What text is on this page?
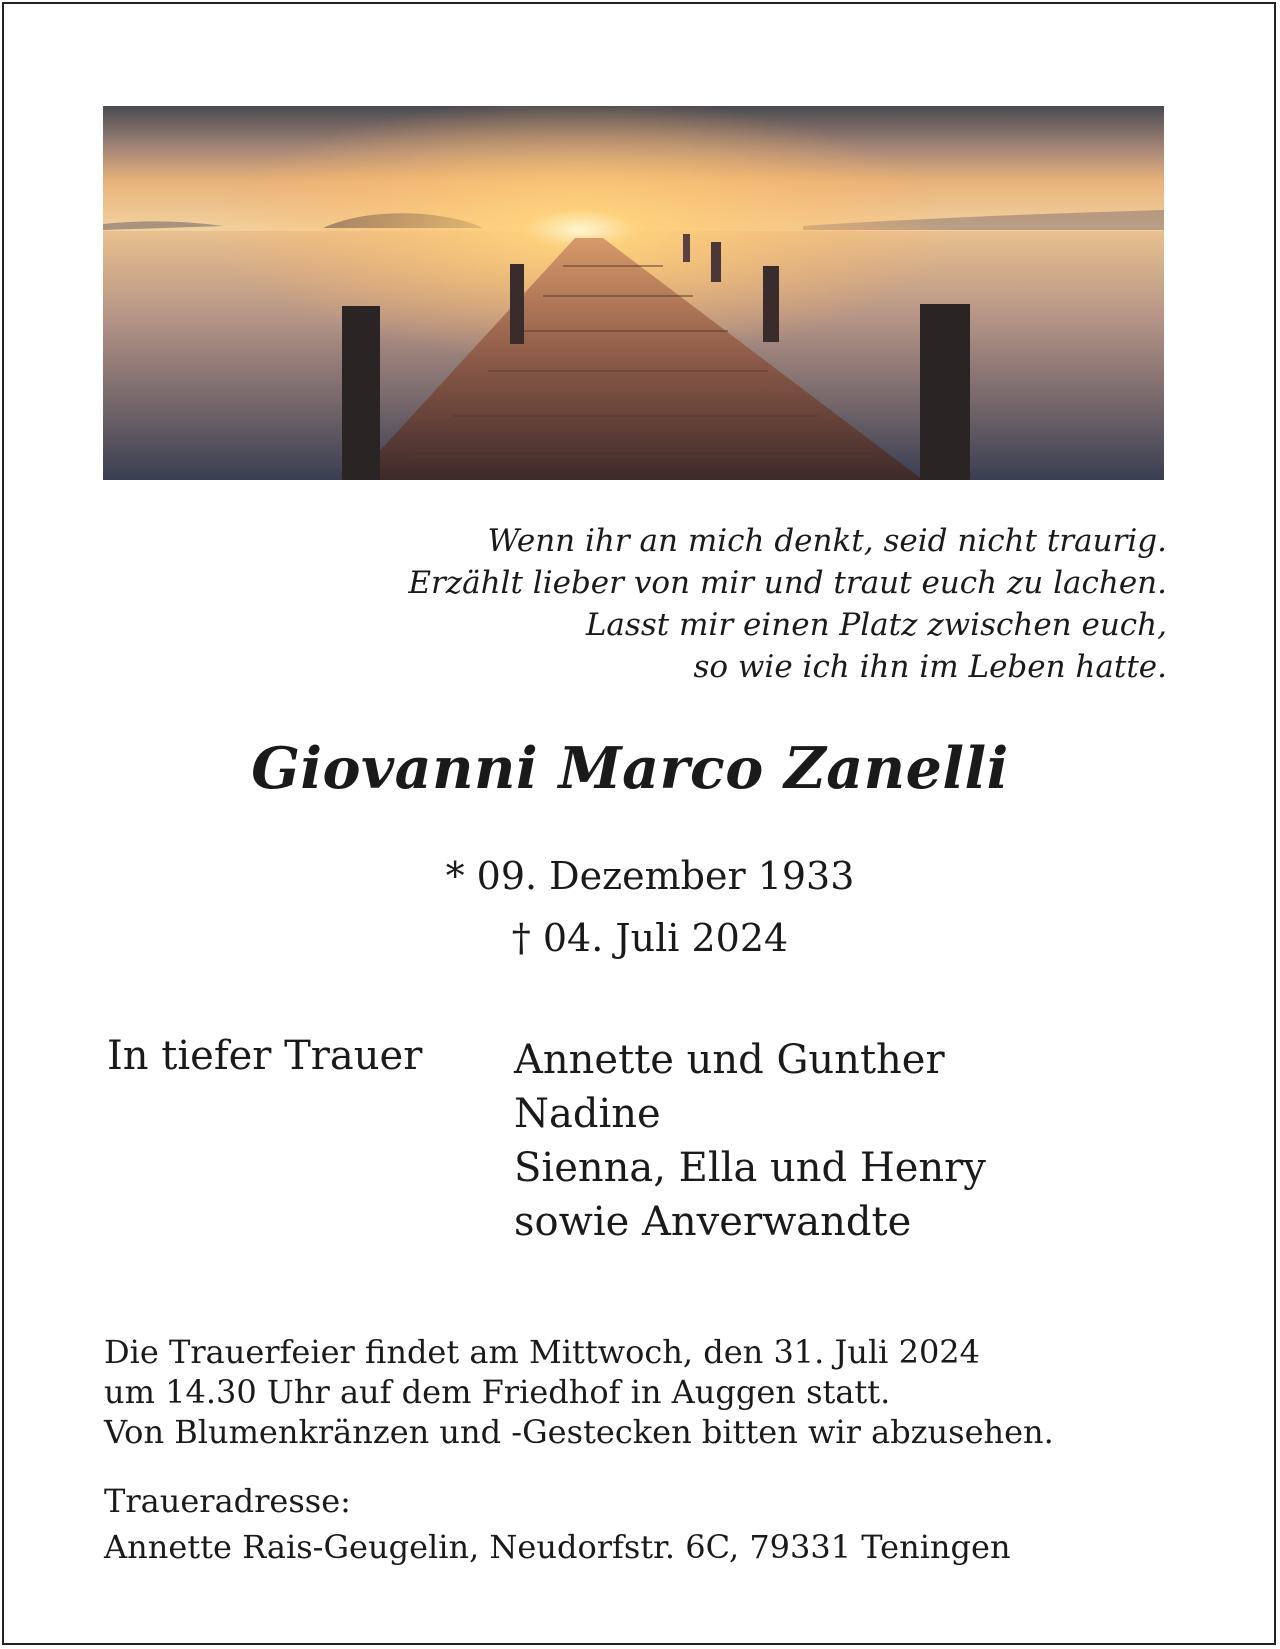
Wenn ihr an mich denkt, seid nicht traurig.
Erzählt lieber von mir und traut euch zu lachen.
Lasst mir einen Platz zwischen euch,
so wie ich ihn im Leben hatte.
Giovanni Marco Zanelli
* 09. Dezember 1933
† 04. Juli 2024
In tiefer Trauer Annette und Gunther
Nadine
Sienna, Ella und Henry
sowie Anverwandte
Die Trauerfeier findet am Mittwoch, den 31. Juli 2024
um 14.30 Uhr auf dem Friedhof in Auggen statt.
Von Blumenkränzen und -Gestecken bitten wir abzusehen.
Traueradresse:
Annette Rais-Geugelin, Neudorfstr. 6C, 79331 Teningen
